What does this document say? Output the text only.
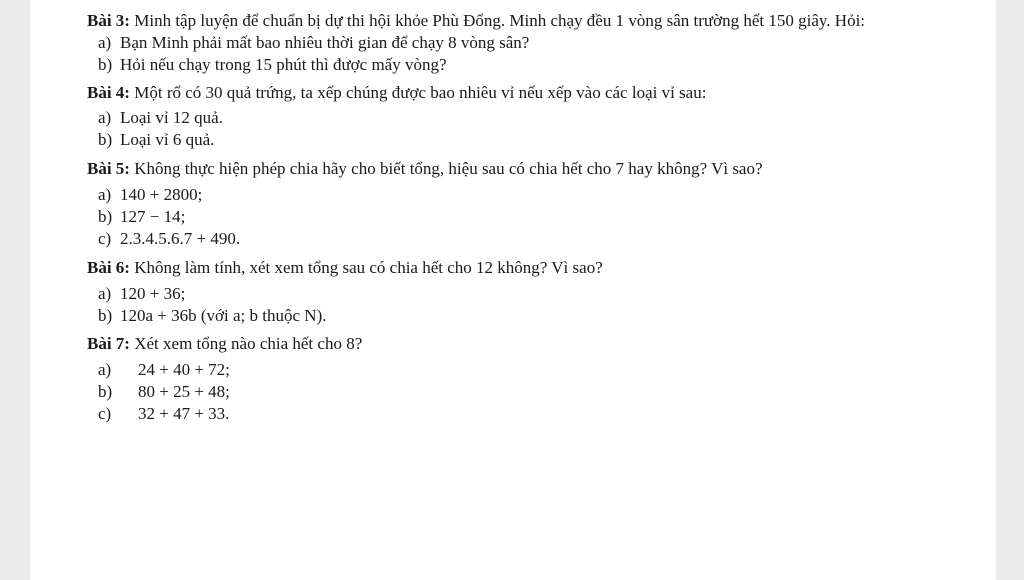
Bài 3: Minh tập luyện để chuẩn bị dự thi hội khỏe Phù Đổng. Minh chạy đều 1 vòng sân trường hết 150 giây. Hỏi:

a) Bạn Minh phải mất bao nhiêu thời gian để chạy 8 vòng sân?
b) Hỏi nếu chạy trong 15 phút thì được mấy vòng?

Bài 4: Một rổ có 30 quả trứng, ta xếp chúng được bao nhiêu vỉ nếu xếp vào các loại vỉ sau:

a) Loại vỉ 12 quả.
b) Loại vỉ 6 quả.

Bài 5: Không thực hiện phép chia hãy cho biết tổng, hiệu sau có chia hết cho 7 hay không? Vì sao?

a) 140 + 2800;
b) 127 − 14;
c) 2.3.4.5.6.7 + 490.

Bài 6: Không làm tính, xét xem tổng sau có chia hết cho 12 không? Vì sao?

a) 120 + 36;
b) 120a + 36b (với a; b thuộc N).

Bài 7: Xét xem tổng nào chia hết cho 8?

a)	24 + 40 + 72;
b)	80 + 25 + 48;
c)	32 + 47 + 33.
